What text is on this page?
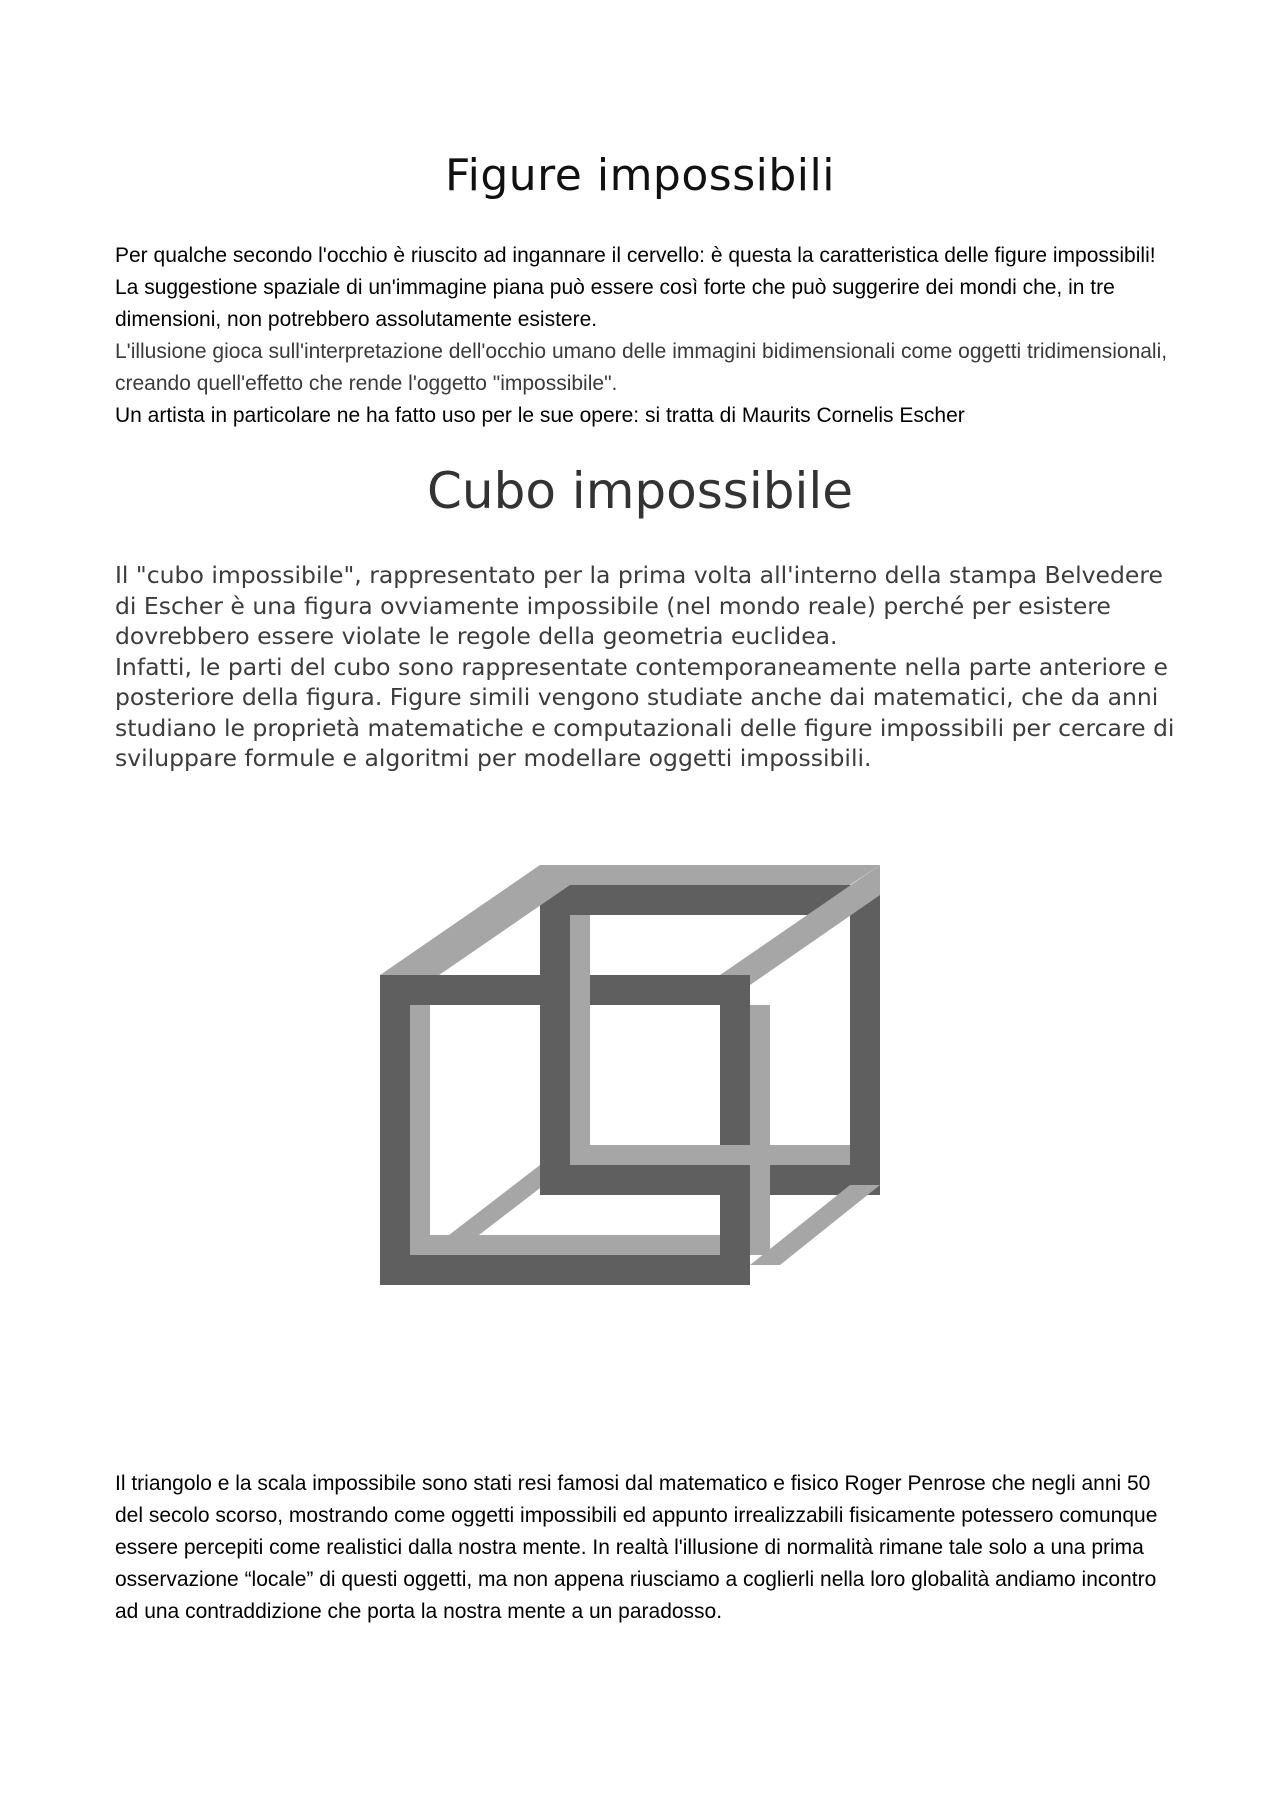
Figure impossibili

Per qualche secondo l'occhio è riuscito ad ingannare il cervello: è questa la caratteristica delle figure impossibili!

La suggestione spaziale di un'immagine piana può essere così forte che può suggerire dei mondi che, in tre dimensioni, non potrebbero assolutamente esistere.

L'illusione gioca sull'interpretazione dell'occhio umano delle immagini bidimensionali come oggetti tridimensionali, creando quell'effetto che rende l'oggetto "impossibile".

Un artista in particolare ne ha fatto uso per le sue opere: si tratta di Maurits Cornelis Escher

Cubo impossibile

Il "cubo impossibile", rappresentato per la prima volta all'interno della stampa Belvedere di Escher è una figura ovviamente impossibile (nel mondo reale) perché per esistere dovrebbero essere violate le regole della geometria euclidea.

Infatti, le parti del cubo sono rappresentate contemporaneamente nella parte anteriore e posteriore della figura. Figure simili vengono studiate anche dai matematici, che da anni studiano le proprietà matematiche e computazionali delle figure impossibili per cercare di sviluppare formule e algoritmi per modellare oggetti impossibili.

Il triangolo e la scala impossibile sono stati resi famosi dal matematico e fisico Roger Penrose che negli anni 50 del secolo scorso, mostrando come oggetti impossibili ed appunto irrealizzabili fisicamente potessero comunque essere percepiti come realistici dalla nostra mente. In realtà l'illusione di normalità rimane tale solo a una prima osservazione “locale” di questi oggetti, ma non appena riusciamo a coglierli nella loro globalità andiamo incontro ad una contraddizione che porta la nostra mente a un paradosso.
